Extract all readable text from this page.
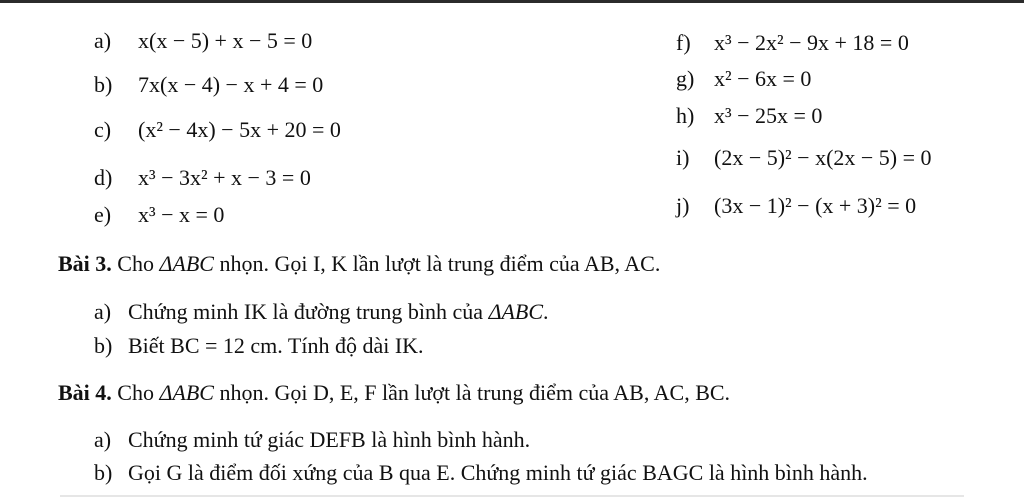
a) x(x − 5) + x − 5 = 0
b) 7x(x − 4) − x + 4 = 0
c) (x² − 4x) − 5x + 20 = 0
d) x³ − 3x² + x − 3 = 0
e) x³ − x = 0
f) x³ − 2x² − 9x + 18 = 0
g) x² − 6x = 0
h) x³ − 25x = 0
i) (2x − 5)² − x(2x − 5) = 0
j) (3x − 1)² − (x + 3)² = 0
Bài 3. Cho ΔABC nhọn. Gọi I, K lần lượt là trung điểm của AB, AC.
a) Chứng minh IK là đường trung bình của ΔABC.
b) Biết BC = 12 cm. Tính độ dài IK.
Bài 4. Cho ΔABC nhọn. Gọi D, E, F lần lượt là trung điểm của AB, AC, BC.
a) Chứng minh tứ giác DEFB là hình bình hành.
b) Gọi G là điểm đối xứng của B qua E. Chứng minh tứ giác BAGC là hình bình hành.
